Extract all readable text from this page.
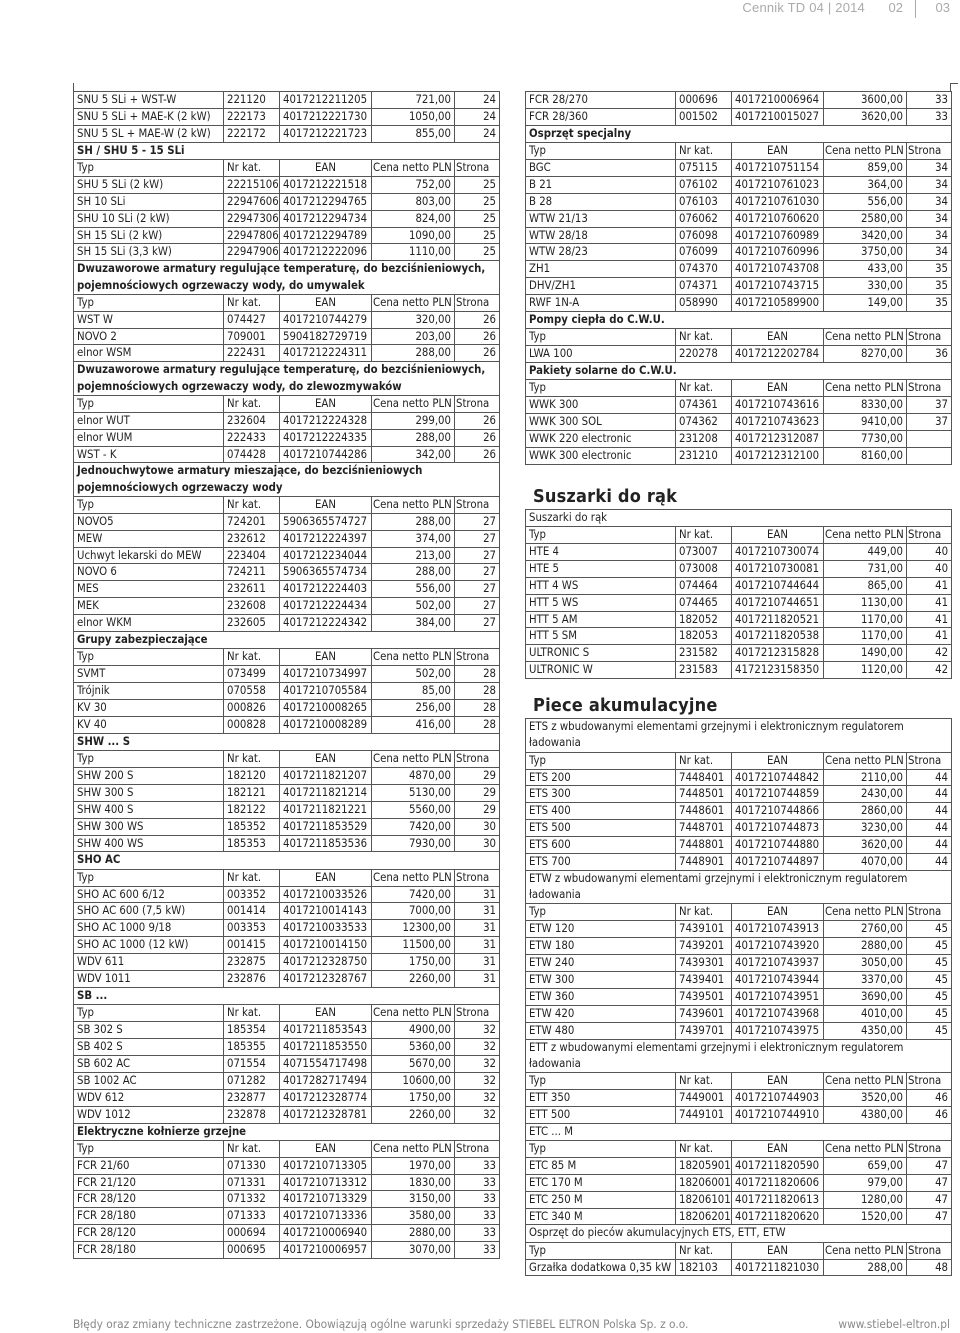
Cennik TD 04 | 2014 02	03
SNU 5 SLi + WST-W	221120	4017212211205	721,00	24
SNU 5 SLi + MAE-K (2 kW)	222173	4017212221730	1050,00	24
SNU 5 SL + MAE-W (2 kW)	222172	4017212221723	855,00	24
SH / SHU 5 - 15 SLi				
Typ	Nr kat.	EAN	Cena netto PLN	Strona
SHU 5 SLi (2 kW)	22215106	4017212221518	752,00	25
SH 10 SLi	22947606	4017212294765	803,00	25
SHU 10 SLi (2 kW)	22947306	4017212294734	824,00	25
SH 15 SLi (2 kW)	22947806	4017212294789	1090,00	25
SH 15 SLi (3,3 kW)	22947906	4017212222096	1110,00	25
Dwuzaworowe armatury regulujące temperaturę, do bezciśnieniowych, pojemnościowych ogrzewaczy wody, do umywalek				
Typ	Nr kat.	EAN	Cena netto PLN	Strona
WST W	074427	4017210744279	320,00	26
NOVO 2	709001	5904182729719	203,00	26
elnor WSM	222431	4017212224311	288,00	26
Dwuzaworowe armatury regulujące temperaturę, do bezciśnieniowych, pojemnościowych ogrzewaczy wody, do zlewozmywaków				
Typ	Nr kat.	EAN	Cena netto PLN	Strona
elnor WUT	232604	4017212224328	299,00	26
elnor WUM	222433	4017212224335	288,00	26
WST - K	074428	4017210744286	342,00	26
Jednouchwytowe armatury mieszające, do bezciśnieniowych pojemnościowych ogrzewaczy wody				
Typ	Nr kat.	EAN	Cena netto PLN	Strona
NOVO5	724201	5906365574727	288,00	27
MEW	232612	4017212224397	374,00	27
Uchwyt lekarski do MEW	223404	4017212234044	213,00	27
NOVO 6	724211	5906365574734	288,00	27
MES	232611	4017212224403	556,00	27
MEK	232608	4017212224434	502,00	27
elnor WKM	232605	4017212224342	384,00	27
Grupy zabezpieczające				
Typ	Nr kat.	EAN	Cena netto PLN	Strona
SVMT	073499	4017210734997	502,00	28
Trójnik	070558	4017210705584	85,00	28
KV 30	000826	4017210008265	256,00	28
KV 40	000828	4017210008289	416,00	28
SHW ... S				
Typ	Nr kat.	EAN	Cena netto PLN	Strona
SHW 200 S	182120	4017211821207	4870,00	29
SHW 300 S	182121	4017211821214	5130,00	29
SHW 400 S	182122	4017211821221	5560,00	29
SHW 300 WS	185352	4017211853529	7420,00	30
SHW 400 WS	185353	4017211853536	7930,00	30
SHO AC				
Typ	Nr kat.	EAN	Cena netto PLN	Strona
SHO AC 600 6/12	003352	4017210033526	7420,00	31
SHO AC 600 (7,5 kW)	001414	4017210014143	7000,00	31
SHO AC 1000 9/18	003353	4017210033533	12300,00	31
SHO AC 1000 (12 kW)	001415	4017210014150	11500,00	31
WDV 611	232875	4017212328750	1750,00	31
WDV 1011	232876	4017212328767	2260,00	31
SB ...				
Typ	Nr kat.	EAN	Cena netto PLN	Strona
SB 302 S	185354	4017211853543	4900,00	32
SB 402 S	185355	4017211853550	5360,00	32
SB 602 AC	071554	4071554717498	5670,00	32
SB 1002 AC	071282	4017282717494	10600,00	32
WDV 612	232877	4017212328774	1750,00	32
WDV 1012	232878	4017212328781	2260,00	32
Elektryczne kołnierze grzejne				
Typ	Nr kat.	EAN	Cena netto PLN	Strona
FCR 21/60	071330	4017210713305	1970,00	33
FCR 21/120	071331	4017210713312	1830,00	33
FCR 28/120	071332	4017210713329	3150,00	33
FCR 28/180	071333	4017210713336	3580,00	33
FCR 28/120	000694	4017210006940	2880,00	33
FCR 28/180	000695	4017210006957	3070,00	33
FCR 28/270	000696	4017210006964	3600,00	33
FCR 28/360	001502	4017210015027	3620,00	33
Osprzęt specjalny				
Typ	Nr kat.	EAN	Cena netto PLN	Strona
BGC	075115	4017210751154	859,00	34
B 21	076102	4017210761023	364,00	34
B 28	076103	4017210761030	556,00	34
WTW 21/13	076062	4017210760620	2580,00	34
WTW 28/18	076098	4017210760989	3420,00	34
WTW 28/23	076099	4017210760996	3750,00	34
ZH1	074370	4017210743708	433,00	35
DHV/ZH1	074371	4017210743715	330,00	35
RWF 1N-A	058990	4017210589900	149,00	35
Pompy ciepła do C.W.U.				
Typ	Nr kat.	EAN	Cena netto PLN	Strona
LWA 100	220278	4017212202784	8270,00	36
Pakiety solarne do C.W.U.				
Typ	Nr kat.	EAN	Cena netto PLN	Strona
WWK 300	074361	4017210743616	8330,00	37
WWK 300 SOL	074362	4017210743623	9410,00	37
WWK 220 electronic	231208	4017212312087	7730,00	
WWK 300 electronic	231210	4017212312100	8160,00	
Suszarki do rąk
Suszarki do rąk				
Typ	Nr kat.	EAN	Cena netto PLN	Strona
HTE 4	073007	4017210730074	449,00	40
HTE 5	073008	4017210730081	731,00	40
HTT 4 WS	074464	4017210744644	865,00	41
HTT 5 WS	074465	4017210744651	1130,00	41
HTT 5 AM	182052	4017211820521	1170,00	41
HTT 5 SM	182053	4017211820538	1170,00	41
ULTRONIC S	231582	4017212315828	1490,00	42
ULTRONIC W	231583	4172123158350	1120,00	42
Piece akumulacyjne
ETS z wbudowanymi elementami grzejnymi i elektronicznym regulatorem ładowania				
Typ	Nr kat.	EAN	Cena netto PLN	Strona
ETS 200	7448401	4017210744842	2110,00	44
ETS 300	7448501	4017210744859	2430,00	44
ETS 400	7448601	4017210744866	2860,00	44
ETS 500	7448701	4017210744873	3230,00	44
ETS 600	7448801	4017210744880	3620,00	44
ETS 700	7448901	4017210744897	4070,00	44
ETW z wbudowanymi elementami grzejnymi i elektronicznym regulatorem ładowania				
Typ	Nr kat.	EAN	Cena netto PLN	Strona
ETW 120	7439101	4017210743913	2760,00	45
ETW 180	7439201	4017210743920	2880,00	45
ETW 240	7439301	4017210743937	3050,00	45
ETW 300	7439401	4017210743944	3370,00	45
ETW 360	7439501	4017210743951	3690,00	45
ETW 420	7439601	4017210743968	4010,00	45
ETW 480	7439701	4017210743975	4350,00	45
ETT z wbudowanymi elementami grzejnymi i elektronicznym regulatorem ładowania				
Typ	Nr kat.	EAN	Cena netto PLN	Strona
ETT 350	7449001	4017210744903	3520,00	46
ETT 500	7449101	4017210744910	4380,00	46
ETC ... M				
Typ	Nr kat.	EAN	Cena netto PLN	Strona
ETC 85 M	18205901	4017211820590	659,00	47
ETC 170 M	18206001	4017211820606	979,00	47
ETC 250 M	18206101	4017211820613	1280,00	47
ETC 340 M	18206201	4017211820620	1520,00	47
Osprzęt do pieców akumulacyjnych ETS, ETT, ETW				
Typ	Nr kat.	EAN	Cena netto PLN	Strona
Grzałka dodatkowa 0,35 kW	182103	4017211821030	288,00	48
Błędy oraz zmiany techniczne zastrzeżone. Obowiązują ogólne warunki sprzedaży STIEBEL ELTRON Polska Sp. z o.o.	www.stiebel-eltron.pl
